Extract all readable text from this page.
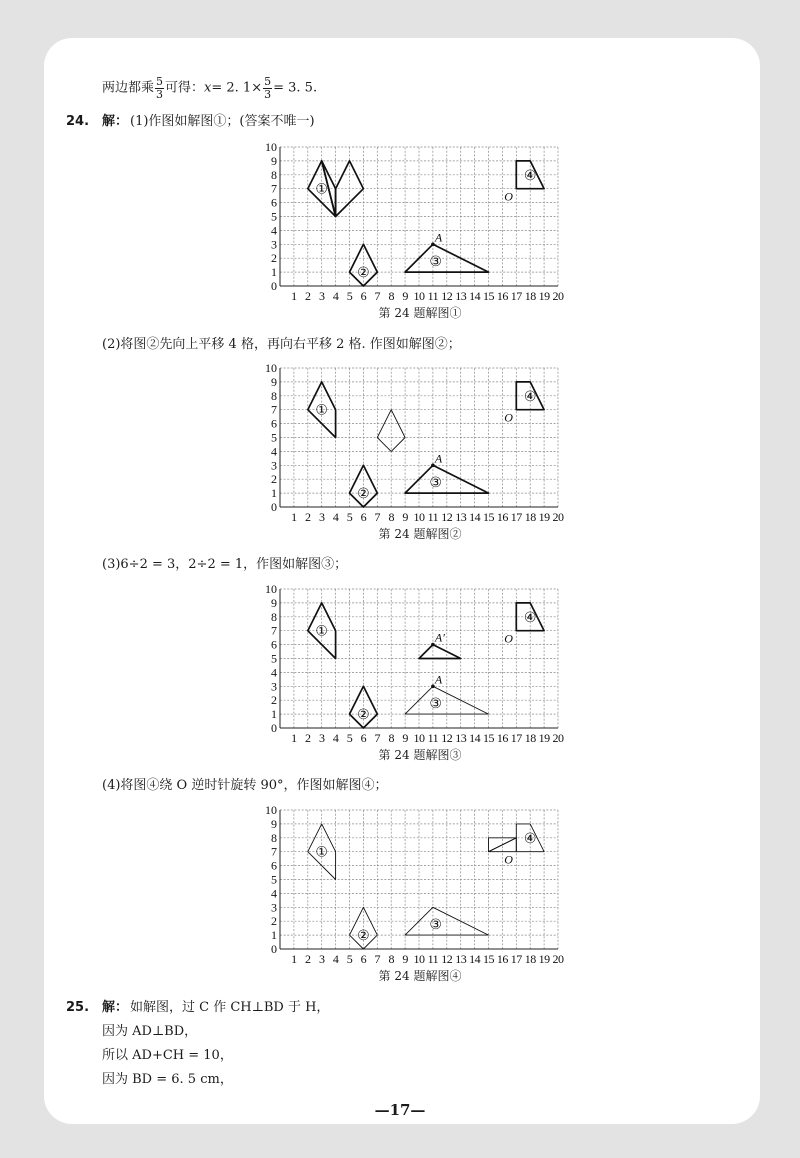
两边都乘 $\frac{5}{3}$ 可得：x= 2. $1\times \frac{5}{3} = 3$. 5.
24. 解： (1)作图如解图①；(答案不唯一)
0
1
2
3
4
5
6
7
8
9
10
1 2 3 4 5 6 7 8 9 10 11 12 13 14 15 16 17 18 19 20
①
②
③
④
A
O
第 24 题解图①
(2)将图②先向上平移 4 格，再向右平移 2 格. 作图如解图②；
0
1
2
3
4
5
6
7
8
9
10
1 2 3 4 5 6 7 8 9 10 11 12 13 14 15 16 17 18 19 20
①
②
③
④
A
O
第 24 题解图②
(3)6÷2 = 3，2÷2 = 1，作图如解图③；
0
1
2
3
4
5
6
7
8
9
10
1 2 3 4 5 6 7 8 9 10 11 12 13 14 15 16 17 18 19 20
①
②
③
④
A
A′	O
第 24 题解图③
(4)将图④绕 O 逆时针旋转 90°，作图如解图④；
0
1
2
3
4
5
6
7
8
9
10
1 2 3 4 5 6 7 8 9 10 11 12 13 14 15 16 17 18 19 20
①
②
③
④
O
第 24 题解图④
25. 解： 如解图，过 C 作 CH⊥BD 于 H，
因为 AD⊥BD，
所以 AD+CH = 10，
因为 BD = 6. 5 cm，
—17—
